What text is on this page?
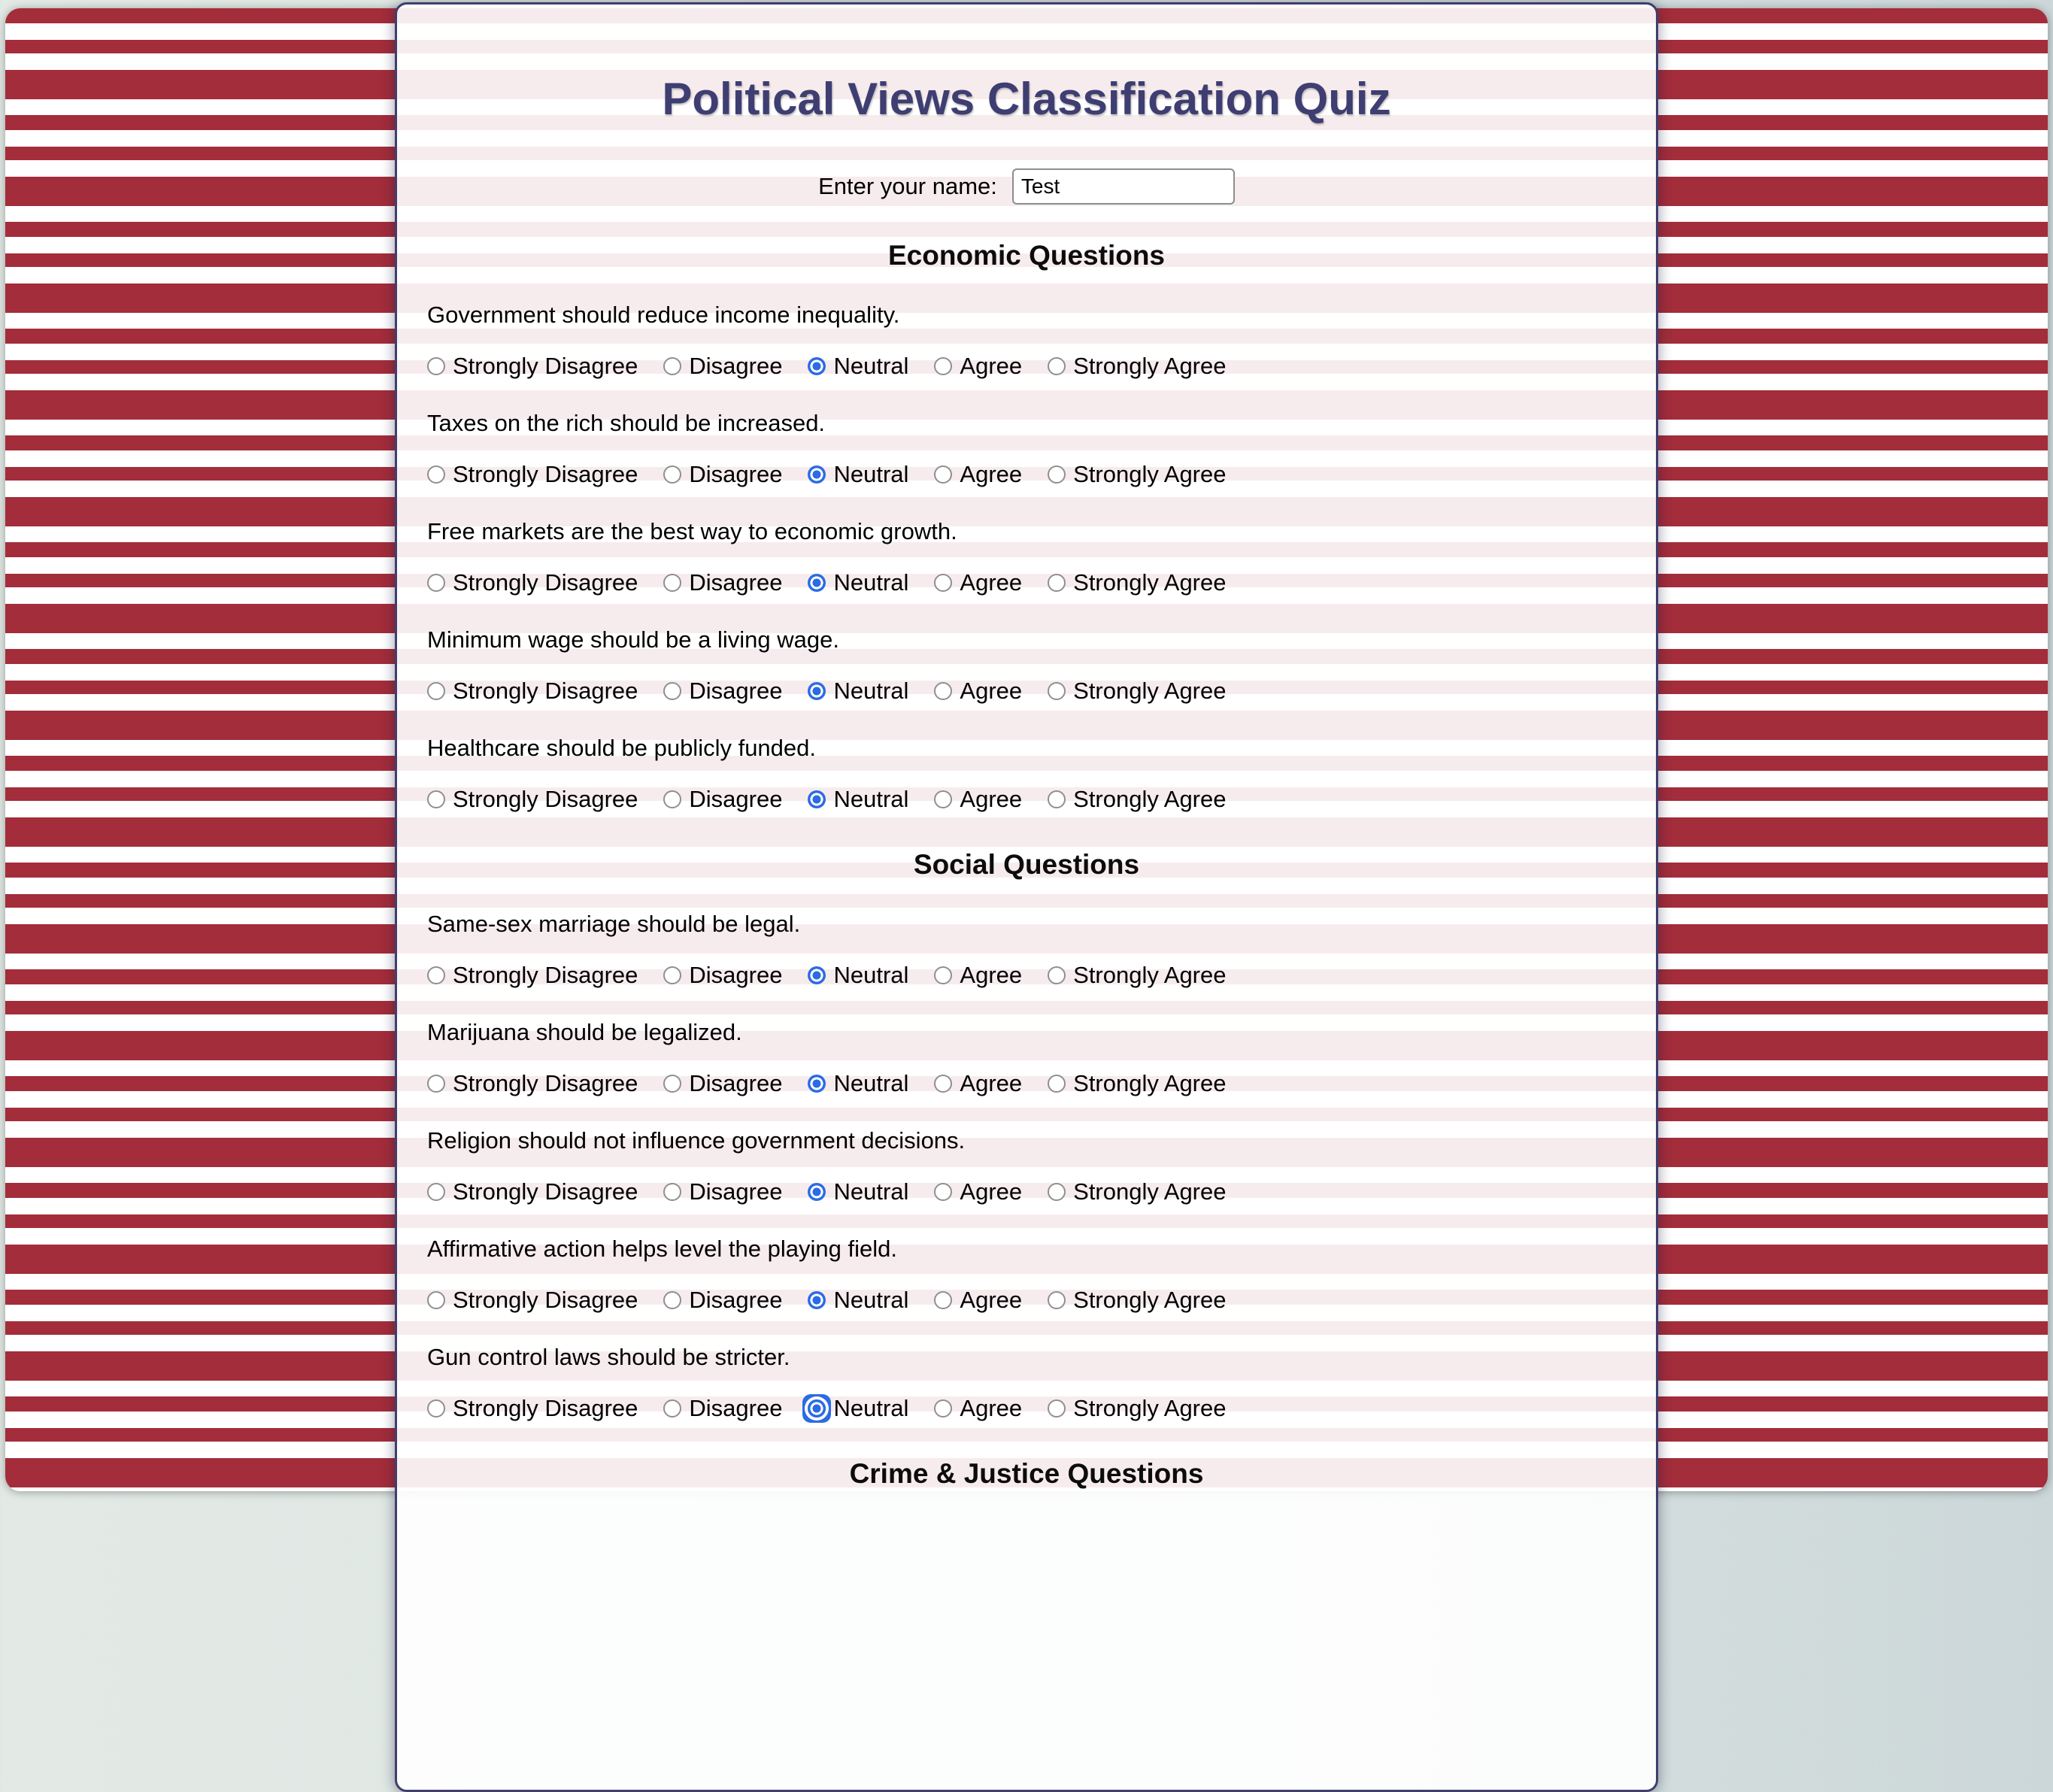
Political Views Classification Quiz
Enter your name:
Test
Economic Questions
Government should reduce income inequality.
Strongly Disagree Disagree Neutral Agree Strongly Agree
Taxes on the rich should be increased.
Strongly Disagree Disagree Neutral Agree Strongly Agree
Free markets are the best way to economic growth.
Strongly Disagree Disagree Neutral Agree Strongly Agree
Minimum wage should be a living wage.
Strongly Disagree Disagree Neutral Agree Strongly Agree
Healthcare should be publicly funded.
Strongly Disagree Disagree Neutral Agree Strongly Agree
Social Questions
Same-sex marriage should be legal.
Strongly Disagree Disagree Neutral Agree Strongly Agree
Marijuana should be legalized.
Strongly Disagree Disagree Neutral Agree Strongly Agree
Religion should not influence government decisions.
Strongly Disagree Disagree Neutral Agree Strongly Agree
Affirmative action helps level the playing field.
Strongly Disagree Disagree Neutral Agree Strongly Agree
Gun control laws should be stricter.
Strongly Disagree Disagree Neutral Agree Strongly Agree
Crime & Justice Questions
